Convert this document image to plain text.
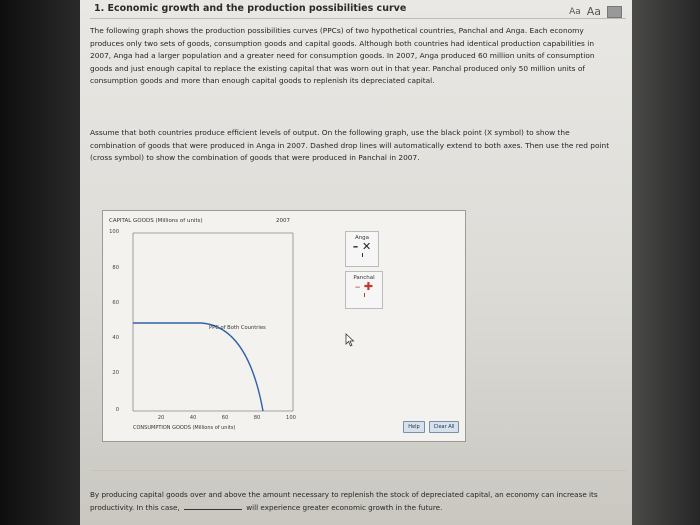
1. Economic growth and the production possibilities curve	Aa Aa
The following graph shows the production possibilities curves (PPCs) of two hypothetical countries, Panchal and Anga. Each economy produces only two sets of goods, consumption goods and capital goods. Although both countries had identical production capabilities in 2007, Anga had a larger population and a greater need for consumption goods. In 2007, Anga produced 60 million units of consumption goods and just enough capital to replace the existing capital that was worn out in that year. Panchal produced only 50 million units of consumption goods and more than enough capital goods to replenish its depreciated capital.
Assume that both countries produce efficient levels of output. On the following graph, use the black point (X symbol) to show the combination of goods that were produced in Anga in 2007. Dashed drop lines will automatically extend to both axes. Then use the red point (cross symbol) to show the combination of goods that were produced in Panchal in 2007.
CAPITAL GOODS (Millions of units)	2007
100
80
60
40
20
0
20	40	60	80	100
CONSUMPTION GOODS (Millions of units)
PPC of Both Countries
Anga
– ✕
Panchal
– ✚
Help	Clear All
By producing capital goods over and above the amount necessary to replenish the stock of depreciated capital, an economy can increase its productivity. In this case,	will experience greater economic growth in the future.
